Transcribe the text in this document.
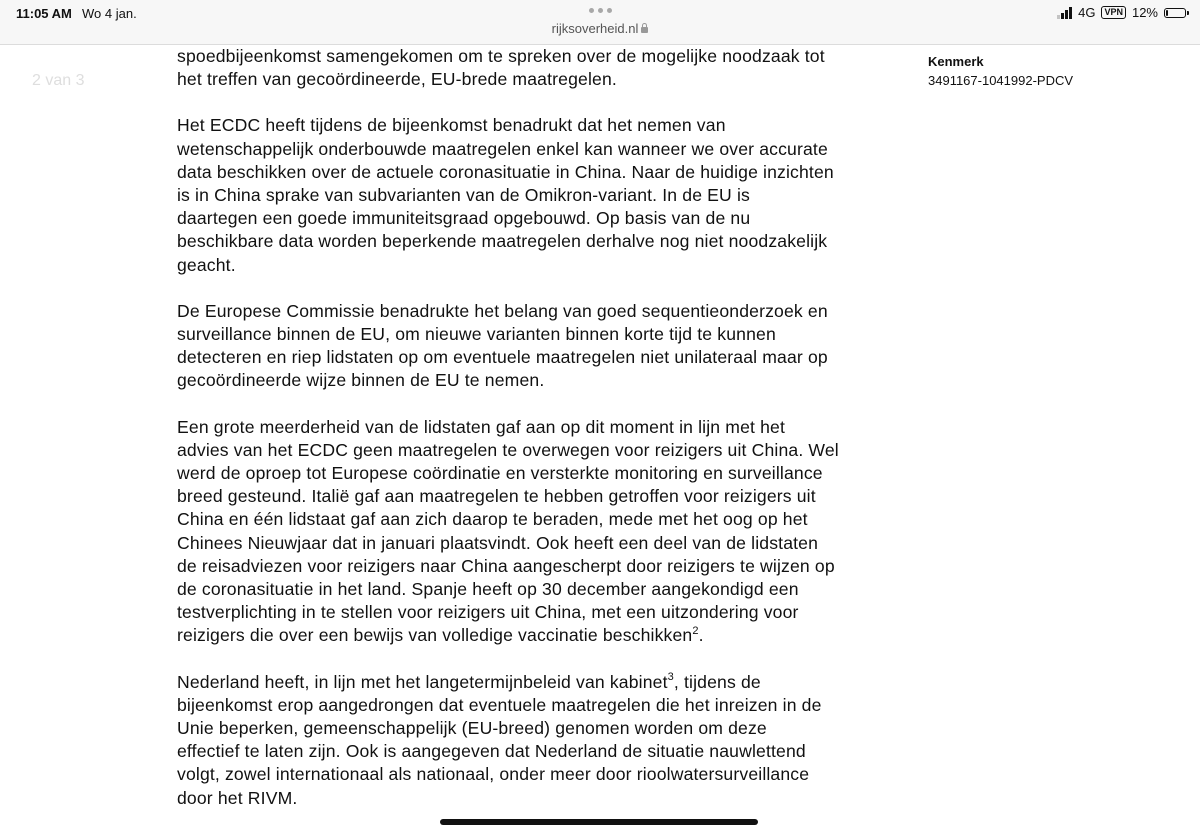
11:05 AM Wo 4 jan.
rijksoverheid.nl
4G	VPN 12%
2 van 3
Kenmerk
3491167-1041992-PDCV

spoedbijeenkomst samengekomen om te spreken over de mogelijke noodzaak tot
het treffen van gecoördineerde, EU-brede maatregelen.

Het ECDC heeft tijdens de bijeenkomst benadrukt dat het nemen van
wetenschappelijk onderbouwde maatregelen enkel kan wanneer we over accurate
data beschikken over de actuele coronasituatie in China. Naar de huidige inzichten
is in China sprake van subvarianten van de Omikron-variant. In de EU is
daartegen een goede immuniteitsgraad opgebouwd. Op basis van de nu
beschikbare data worden beperkende maatregelen derhalve nog niet noodzakelijk
geacht.

De Europese Commissie benadrukte het belang van goed sequentieonderzoek en
surveillance binnen de EU, om nieuwe varianten binnen korte tijd te kunnen
detecteren en riep lidstaten op om eventuele maatregelen niet unilateraal maar op
gecoördineerde wijze binnen de EU te nemen.

Een grote meerderheid van de lidstaten gaf aan op dit moment in lijn met het
advies van het ECDC geen maatregelen te overwegen voor reizigers uit China. Wel
werd de oproep tot Europese coördinatie en versterkte monitoring en surveillance
breed gesteund. Italië gaf aan maatregelen te hebben getroffen voor reizigers uit
China en één lidstaat gaf aan zich daarop te beraden, mede met het oog op het
Chinees Nieuwjaar dat in januari plaatsvindt. Ook heeft een deel van de lidstaten
de reisadviezen voor reizigers naar China aangescherpt door reizigers te wijzen op
de coronasituatie in het land. Spanje heeft op 30 december aangekondigd een
testverplichting in te stellen voor reizigers uit China, met een uitzondering voor
reizigers die over een bewijs van volledige vaccinatie beschikken$^2$.

Nederland heeft, in lijn met het langetermijnbeleid van kabinet$^3$, tijdens de
bijeenkomst erop aangedrongen dat eventuele maatregelen die het inreizen in de
Unie beperken, gemeenschappelijk (EU-breed) genomen worden om deze
effectief te laten zijn. Ook is aangegeven dat Nederland de situatie nauwlettend
volgt, zowel internationaal als nationaal, onder meer door rioolwatersurveillance
door het RIVM.
